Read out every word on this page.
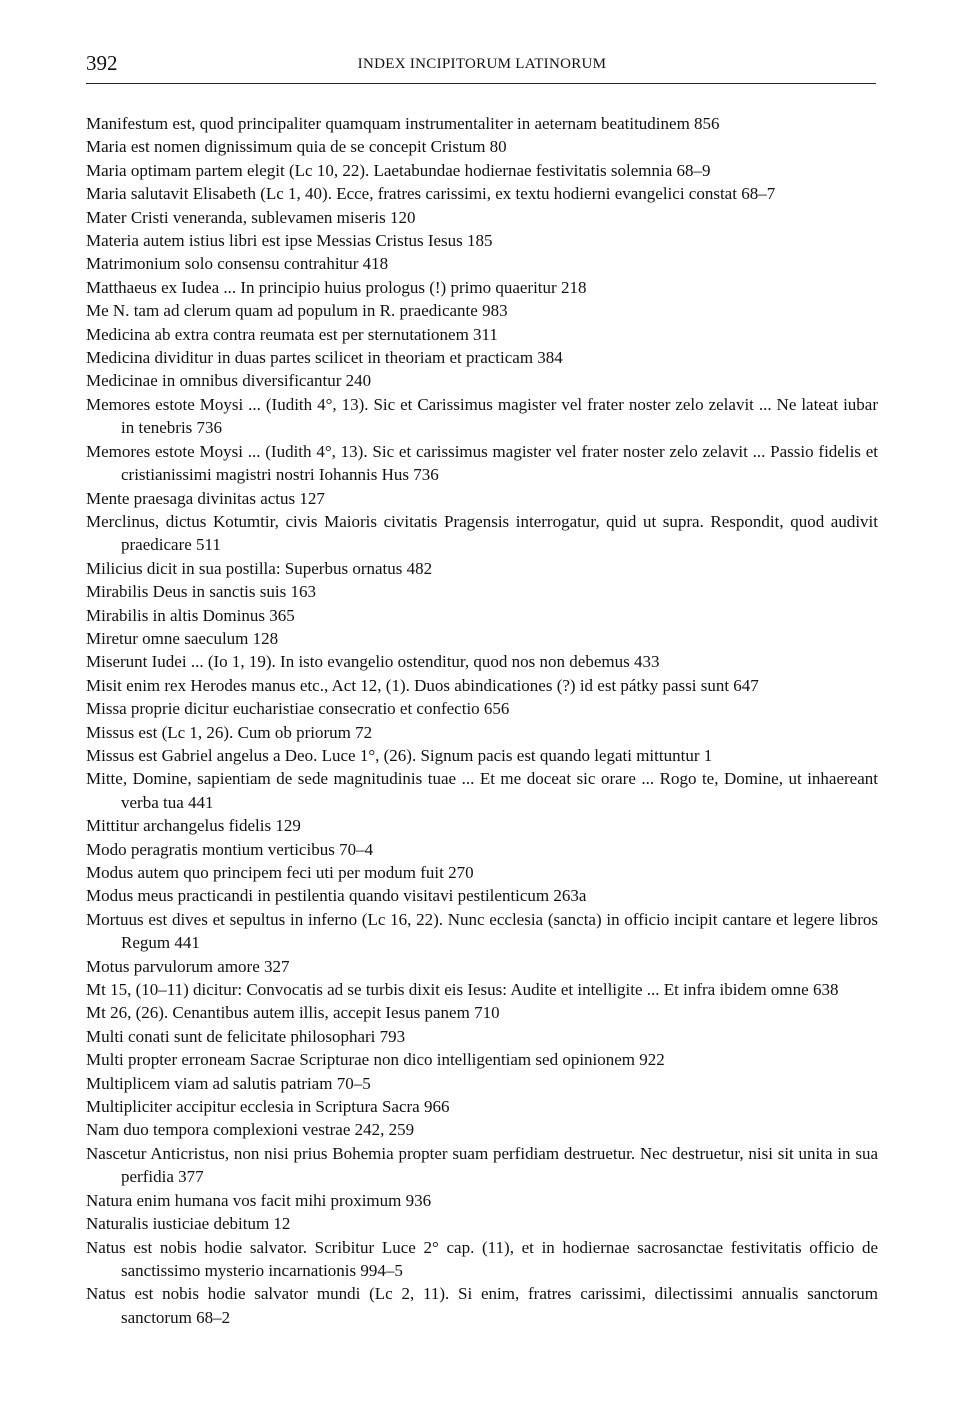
392	INDEX INCIPITORUM LATINORUM
Manifestum est, quod principaliter quamquam instrumentaliter in aeternam beatitudinem 856
Maria est nomen dignissimum quia de se concepit Cristum 80
Maria optimam partem elegit (Lc 10, 22). Laetabundae hodiernae festivitatis solemnia 68–9
Maria salutavit Elisabeth (Lc 1, 40). Ecce, fratres carissimi, ex textu hodierni evangelici constat 68–7
Mater Cristi veneranda, sublevamen miseris 120
Materia autem istius libri est ipse Messias Cristus Iesus 185
Matrimonium solo consensu contrahitur 418
Matthaeus ex Iudea ... In principio huius prologus (!) primo quaeritur 218
Me N. tam ad clerum quam ad populum in R. praedicante 983
Medicina ab extra contra reumata est per sternutationem 311
Medicina dividitur in duas partes scilicet in theoriam et practicam 384
Medicinae in omnibus diversificantur 240
Memores estote Moysi ... (Iudith 4°, 13). Sic et Carissimus magister vel frater noster zelo zelavit ... Ne lateat iubar in tenebris 736
Memores estote Moysi ... (Iudith 4°, 13). Sic et carissimus magister vel frater noster zelo zelavit ... Passio fidelis et cristianissimi magistri nostri Iohannis Hus 736
Mente praesaga divinitas actus 127
Merclinus, dictus Kotumtir, civis Maioris civitatis Pragensis interrogatur, quid ut supra. Respondit, quod audivit praedicare 511
Milicius dicit in sua postilla: Superbus ornatus 482
Mirabilis Deus in sanctis suis 163
Mirabilis in altis Dominus 365
Miretur omne saeculum 128
Miserunt Iudei ... (Io 1, 19). In isto evangelio ostenditur, quod nos non debemus 433
Misit enim rex Herodes manus etc., Act 12, (1). Duos abindicationes (?) id est pátky passi sunt 647
Missa proprie dicitur eucharistiae consecratio et confectio 656
Missus est (Lc 1, 26). Cum ob priorum 72
Missus est Gabriel angelus a Deo. Luce 1°, (26). Signum pacis est quando legati mittuntur 1
Mitte, Domine, sapientiam de sede magnitudinis tuae ... Et me doceat sic orare ... Rogo te, Domine, ut inhaereant verba tua 441
Mittitur archangelus fidelis 129
Modo peragratis montium verticibus 70–4
Modus autem quo principem feci uti per modum fuit 270
Modus meus practicandi in pestilentia quando visitavi pestilenticum 263a
Mortuus est dives et sepultus in inferno (Lc 16, 22). Nunc ecclesia (sancta) in officio incipit cantare et legere libros Regum 441
Motus parvulorum amore 327
Mt 15, (10–11) dicitur: Convocatis ad se turbis dixit eis Iesus: Audite et intelligite ... Et infra ibidem omne 638
Mt 26, (26). Cenantibus autem illis, accepit Iesus panem 710
Multi conati sunt de felicitate philosophari 793
Multi propter erroneam Sacrae Scripturae non dico intelligentiam sed opinionem 922
Multiplicem viam ad salutis patriam 70–5
Multipliciter accipitur ecclesia in Scriptura Sacra 966
Nam duo tempora complexioni vestrae 242, 259
Nascetur Anticristus, non nisi prius Bohemia propter suam perfidiam destruetur. Nec destruetur, nisi sit unita in sua perfidia 377
Natura enim humana vos facit mihi proximum 936
Naturalis iusticiae debitum 12
Natus est nobis hodie salvator. Scribitur Luce 2° cap. (11), et in hodiernae sacrosanctae festivitatis officio de sanctissimo mysterio incarnationis 994–5
Natus est nobis hodie salvator mundi (Lc 2, 11). Si enim, fratres carissimi, dilectissimi annualis sanctorum sanctorum 68–2
